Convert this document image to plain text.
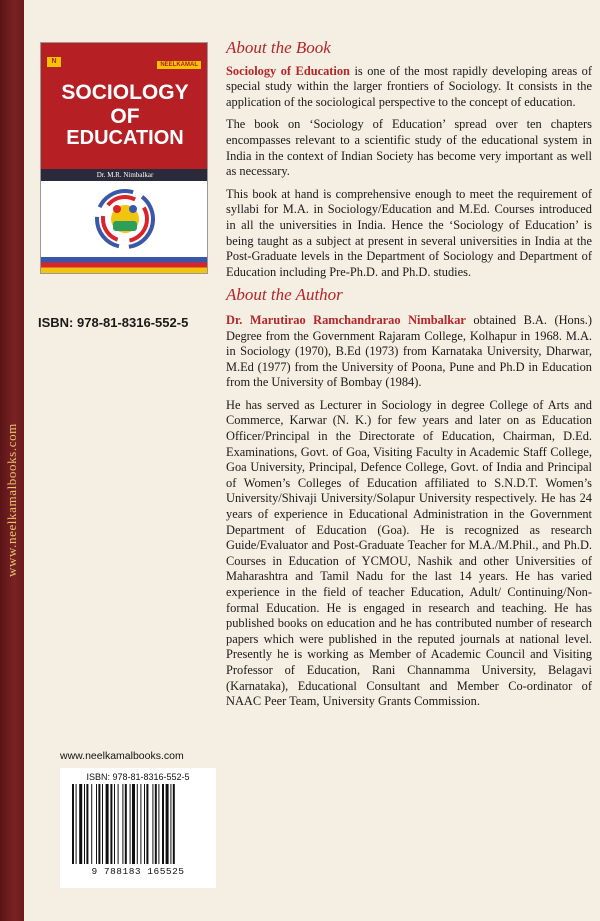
www.neelkamalbooks.com
N	NEELKAMAL
SOCIOLOGY
OF
EDUCATION
Dr. M.R. Nimbalkar
ISBN: 978-81-8316-552-5
www.neelkamalbooks.com
ISBN: 978-81-8316-552-5
9 788183 165525
About the Book

Sociology of Education is one of the most rapidly developing areas of special study within the larger frontiers of Sociology. It consists in the application of the sociological perspective to the concept of education.

The book on ‘Sociology of Education’ spread over ten chapters encompasses relevant to a scientific study of the educational system in India in the context of Indian Society has become very important as well as necessary.

This book at hand is comprehensive enough to meet the requirement of syllabi for M.A. in Sociology/Education and M.Ed. Courses introduced in all the universities in India. Hence the ‘Sociology of Education’ is being taught as a subject at present in several universities in India at the Post-Graduate levels in the Department of Sociology and Department of Education including Pre-Ph.D. and Ph.D. studies.

About the Author

Dr. Marutirao Ramchandrarao Nimbalkar obtained B.A. (Hons.) Degree from the Government Rajaram College, Kolhapur in 1968. M.A. in Sociology (1970), B.Ed (1973) from Karnataka University, Dharwar, M.Ed (1977) from the University of Poona, Pune and Ph.D in Education from the University of Bombay (1984).

He has served as Lecturer in Sociology in degree College of Arts and Commerce, Karwar (N. K.) for few years and later on as Education Officer/Principal in the Directorate of Education, Chairman, D.Ed. Examinations, Govt. of Goa, Visiting Faculty in Academic Staff College, Goa University, Principal, Defence College, Govt. of India and Principal of Women’s Colleges of Education affiliated to S.N.D.T. Women’s University/Shivaji University/Solapur University respectively. He has 24 years of experience in Educational Administration in the Government Department of Education (Goa). He is recognized as research Guide/Evaluator and Post-Graduate Teacher for M.A./M.Phil., and Ph.D. Courses in Education of YCMOU, Nashik and other Universities of Maharashtra and Tamil Nadu for the last 14 years. He has varied experience in the field of teacher Education, Adult/ Continuing/Non-formal Education. He is engaged in research and teaching. He has published books on education and he has contributed number of research papers which were published in the reputed journals at national level. Presently he is working as Member of Academic Council and Visiting Professor of Education, Rani Channamma University, Belagavi (Karnataka), Educational Consultant and Member Co-ordinator of NAAC Peer Team, University Grants Commission.
